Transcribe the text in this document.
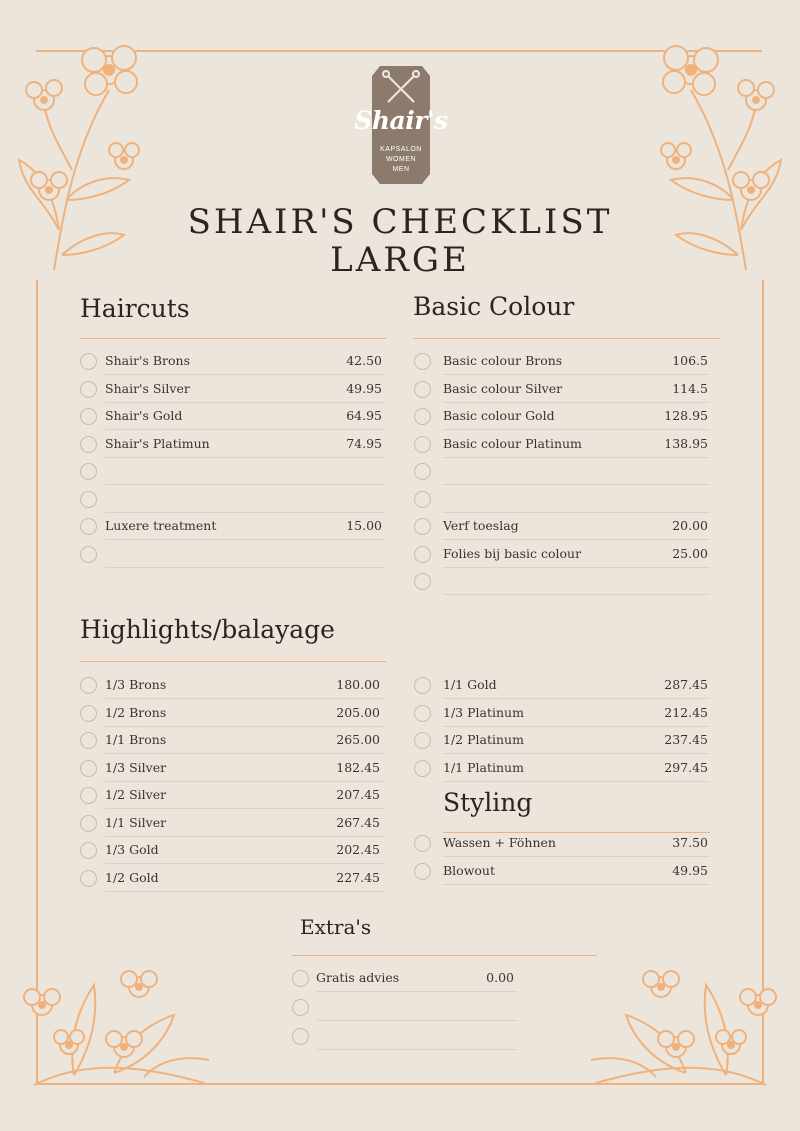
Shair's
KAPSALON
WOMEN
MEN
SHAIR'S CHECKLIST
LARGE
Haircuts	Basic Colour
Highlights/balayage
Styling
Extra's
Shair's Brons	42.50
Shair's Silver	49.95
Shair's Gold	64.95
Shair's Platimun	74.95
Luxere treatment	15.00
Basic colour Brons	106.5
Basic colour Silver	114.5
Basic colour Gold	128.95
Basic colour Platinum	138.95
Verf toeslag	20.00
Folies bij basic colour	25.00
1/3 Brons	180.00
1/2 Brons	205.00
1/1 Brons	265.00
1/3 Silver	182.45
1/2 Silver	207.45
1/1 Silver	267.45
1/3 Gold	202.45
1/2 Gold	227.45
1/1 Gold	287.45
1/3 Platinum	212.45
1/2 Platinum	237.45
1/1 Platinum	297.45
Wassen + Föhnen	37.50
Blowout	49.95
Gratis advies	0.00
